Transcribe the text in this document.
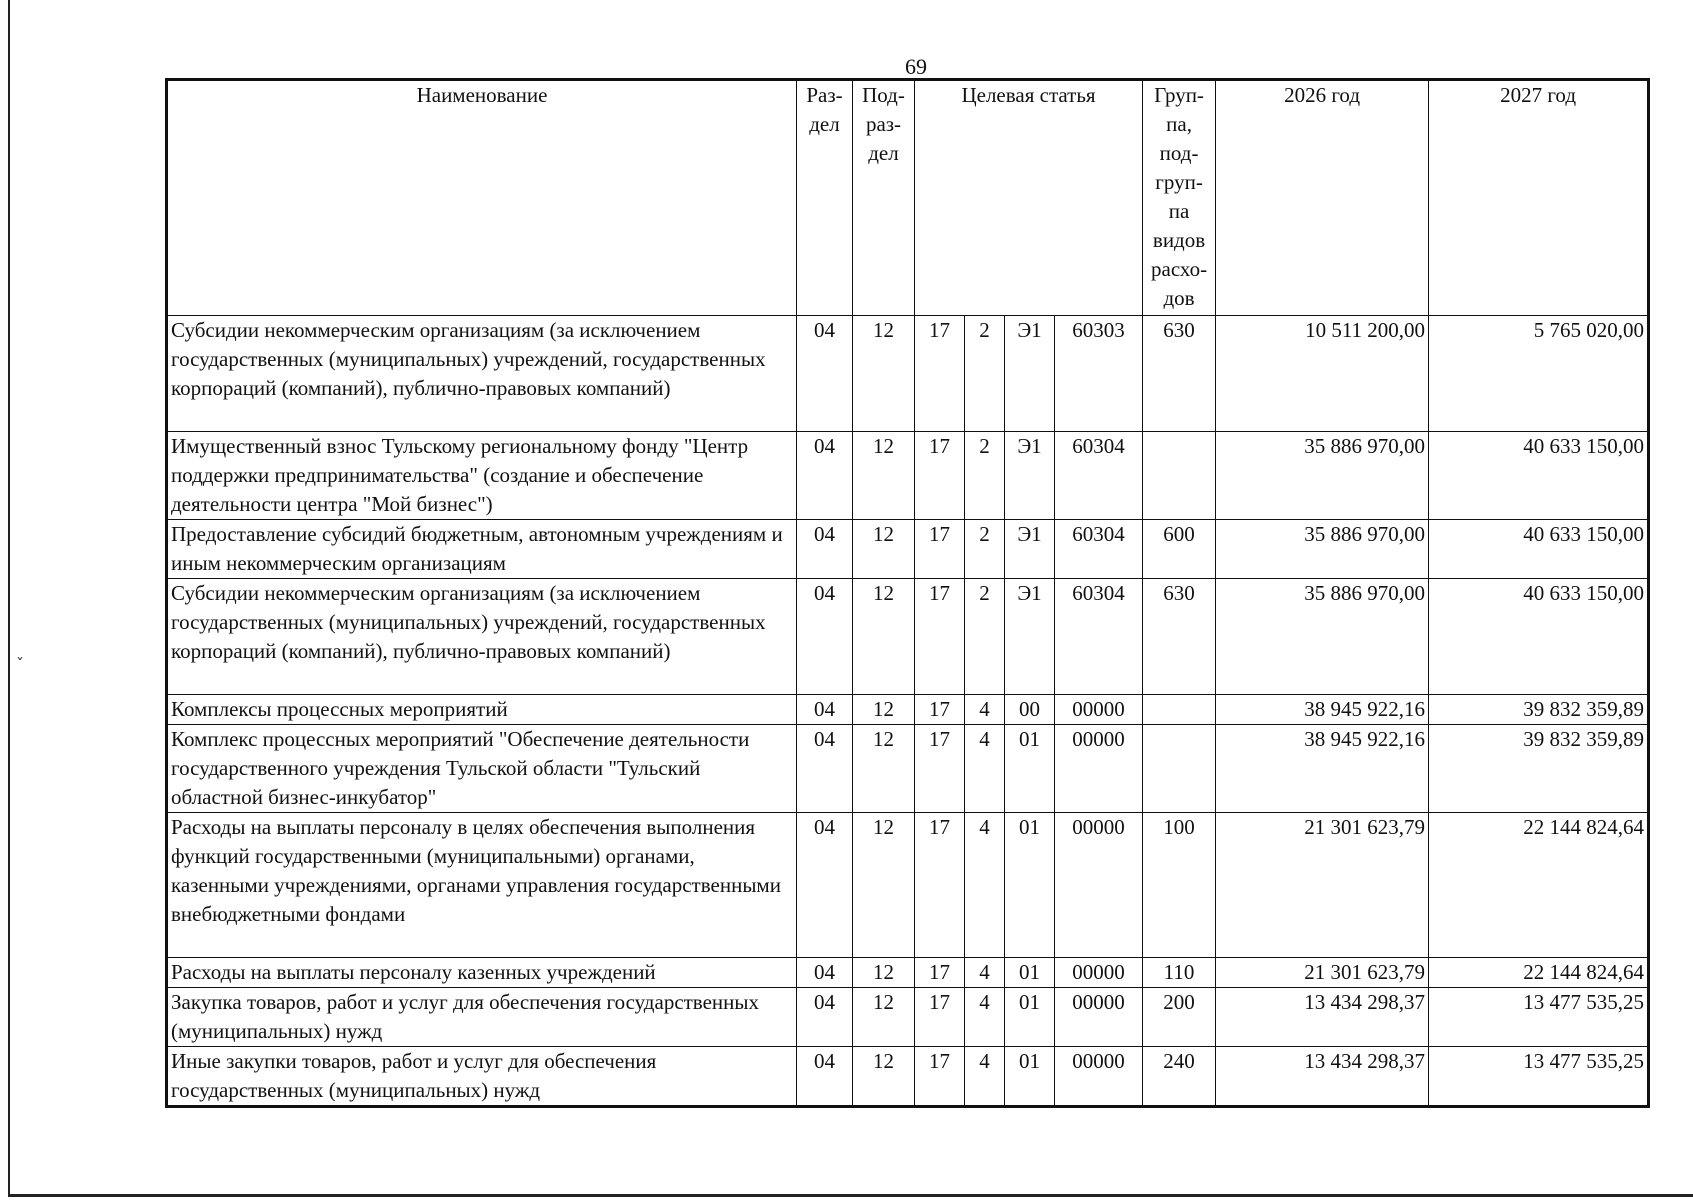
ˇ
69
Наименование	Раз-дел	Под-раз-дел	Целевая статья				Груп-па, под-груп-па видов расхо-дов	2026 год	2027 год
Субсидии некоммерческим организациям (за исключением государственных (муниципальных) учреждений, государственных корпораций (компаний), публично-правовых компаний)	04	12	17	2	Э1	60303	630	10 511 200,00	5 765 020,00
Имущественный взнос Тульскому региональному фонду "Центр поддержки предпринимательства" (создание и обеспечение деятельности центра "Мой бизнес")	04	12	17	2	Э1	60304		35 886 970,00	40 633 150,00
Предоставление субсидий бюджетным, автономным учреждениям и иным некоммерческим организациям	04	12	17	2	Э1	60304	600	35 886 970,00	40 633 150,00
Субсидии некоммерческим организациям (за исключением государственных (муниципальных) учреждений, государственных корпораций (компаний), публично-правовых компаний)	04	12	17	2	Э1	60304	630	35 886 970,00	40 633 150,00
Комплексы процессных мероприятий	04	12	17	4	00	00000		38 945 922,16	39 832 359,89
Комплекс процессных мероприятий "Обеспечение деятельности государственного учреждения Тульской области "Тульский областной бизнес-инкубатор"	04	12	17	4	01	00000		38 945 922,16	39 832 359,89
Расходы на выплаты персоналу в целях обеспечения выполнения функций государственными (муниципальными) органами, казенными учреждениями, органами управления государственными внебюджетными фондами	04	12	17	4	01	00000	100	21 301 623,79	22 144 824,64
Расходы на выплаты персоналу казенных учреждений	04	12	17	4	01	00000	110	21 301 623,79	22 144 824,64
Закупка товаров, работ и услуг для обеспечения государственных (муниципальных) нужд	04	12	17	4	01	00000	200	13 434 298,37	13 477 535,25
Иные закупки товаров, работ и услуг для обеспечения государственных (муниципальных) нужд	04	12	17	4	01	00000	240	13 434 298,37	13 477 535,25
